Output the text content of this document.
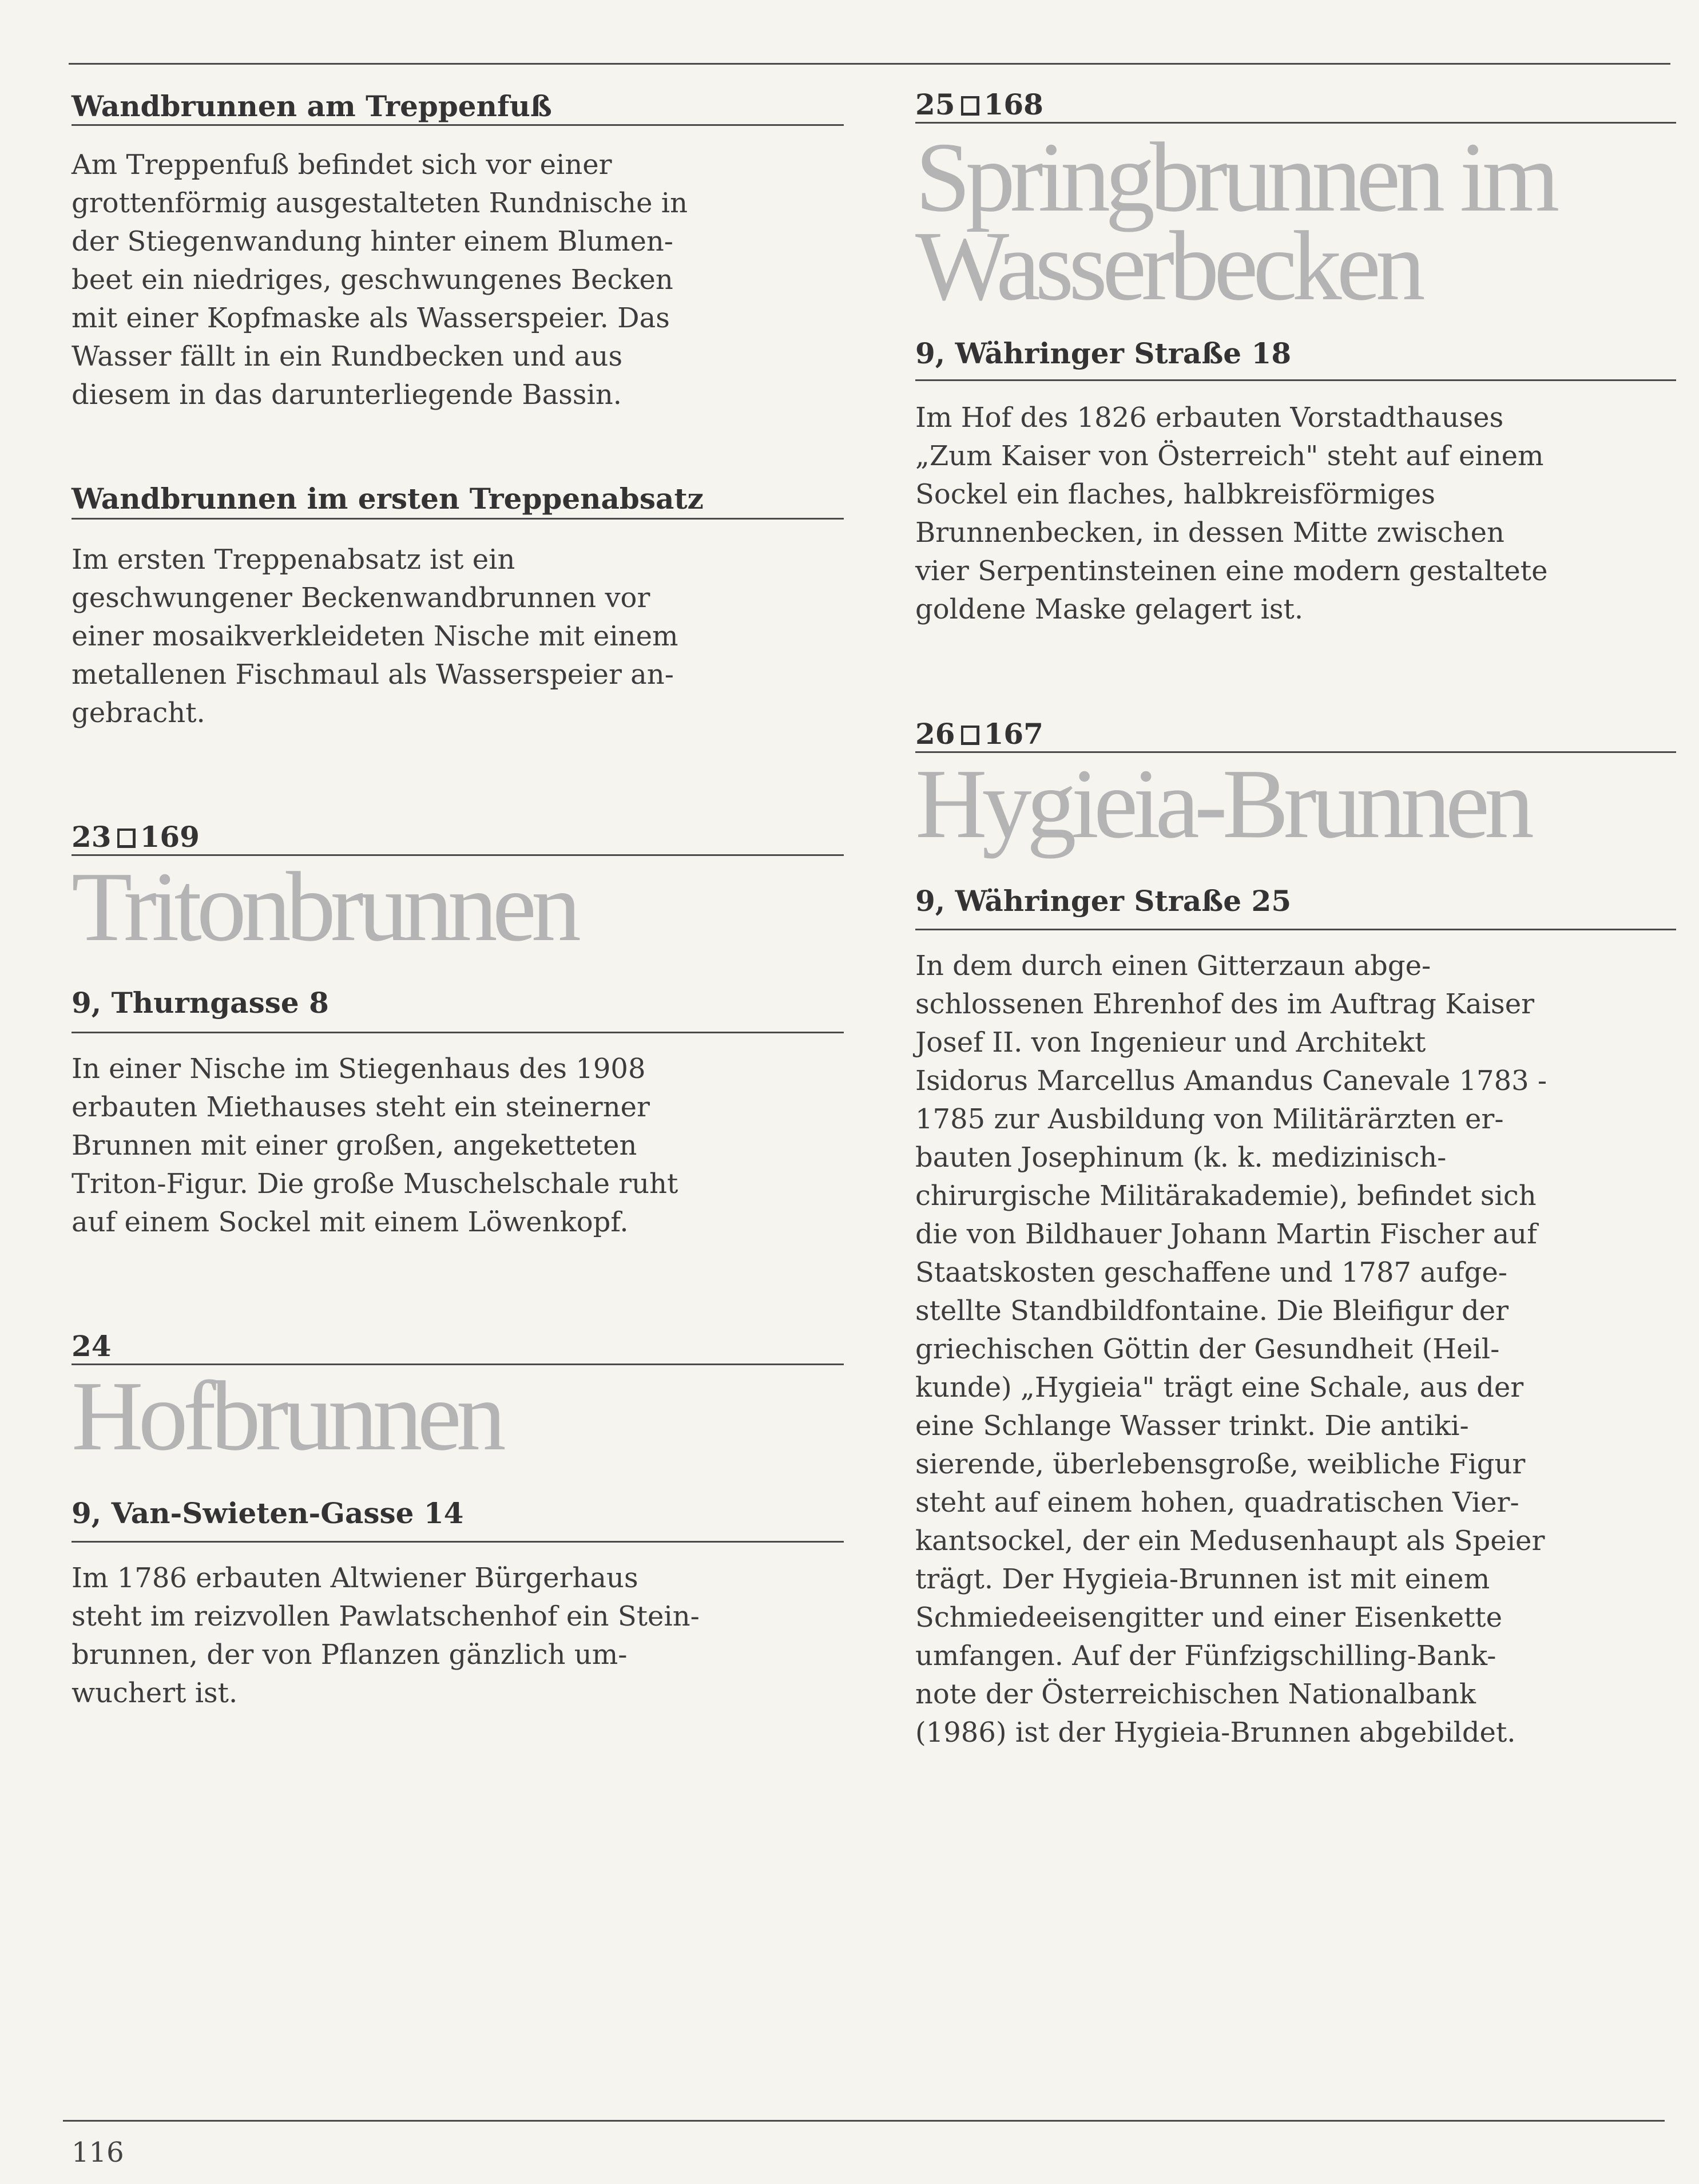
Wandbrunnen am Treppenfuß
Am Treppenfuß befindet sich vor einer
grottenförmig ausgestalteten Rundnische in
der Stiegenwandung hinter einem Blumen-
beet ein niedriges, geschwungenes Becken
mit einer Kopfmaske als Wasserspeier. Das
Wasser fällt in ein Rundbecken und aus
diesem in das darunterliegende Bassin.
Wandbrunnen im ersten Treppenabsatz
Im ersten Treppenabsatz ist ein
geschwungener Beckenwandbrunnen vor
einer mosaikverkleideten Nische mit einem
metallenen Fischmaul als Wasserspeier an-
gebracht.
23 169
Tritonbrunnen
9, Thurngasse 8
In einer Nische im Stiegenhaus des 1908
erbauten Miethauses steht ein steinerner
Brunnen mit einer großen, angeketteten
Triton-Figur. Die große Muschelschale ruht
auf einem Sockel mit einem Löwenkopf.
24
Hofbrunnen
9, Van-Swieten-Gasse 14
Im 1786 erbauten Altwiener Bürgerhaus
steht im reizvollen Pawlatschenhof ein Stein-
brunnen, der von Pflanzen gänzlich um-
wuchert ist.
25 168
Springbrunnen im
Wasserbecken
9, Währinger Straße 18
Im Hof des 1826 erbauten Vorstadthauses
„Zum Kaiser von Österreich" steht auf einem
Sockel ein flaches, halbkreisförmiges
Brunnenbecken, in dessen Mitte zwischen
vier Serpentinsteinen eine modern gestaltete
goldene Maske gelagert ist.
26 167
Hygieia-Brunnen
9, Währinger Straße 25
In dem durch einen Gitterzaun abge-
schlossenen Ehrenhof des im Auftrag Kaiser
Josef II. von Ingenieur und Architekt
Isidorus Marcellus Amandus Canevale 1783 -
1785 zur Ausbildung von Militärärzten er-
bauten Josephinum (k. k. medizinisch-
chirurgische Militärakademie), befindet sich
die von Bildhauer Johann Martin Fischer auf
Staatskosten geschaffene und 1787 aufge-
stellte Standbildfontaine. Die Bleifigur der
griechischen Göttin der Gesundheit (Heil-
kunde) „Hygieia" trägt eine Schale, aus der
eine Schlange Wasser trinkt. Die antiki-
sierende, überlebensgroße, weibliche Figur
steht auf einem hohen, quadratischen Vier-
kantsockel, der ein Medusenhaupt als Speier
trägt. Der Hygieia-Brunnen ist mit einem
Schmiedeeisengitter und einer Eisenkette
umfangen. Auf der Fünfzigschilling-Bank-
note der Österreichischen Nationalbank
(1986) ist der Hygieia-Brunnen abgebildet.
116
